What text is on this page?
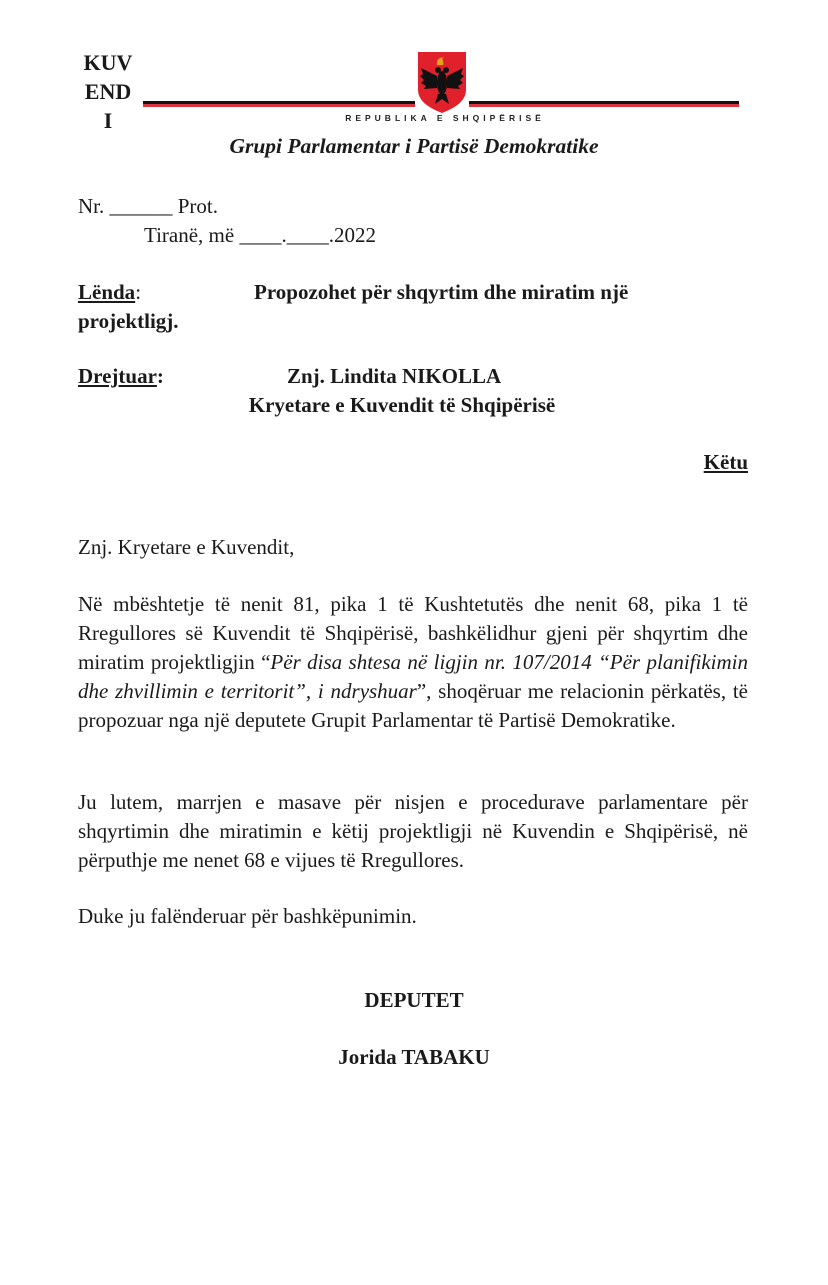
KUV
END
I	REPUBLIKA E SHQIPËRISË
Grupi Parlamentar i Partisë Demokratike
Nr. ______ Prot.
Tiranë, më ____.____.2022
Lënda:	Propozohet për shqyrtim dhe miratim një
projektligj.
Drejtuar:	Znj. Lindita NIKOLLA
Kryetare e Kuvendit të Shqipërisë
Këtu
Znj. Kryetare e Kuvendit,
Në mbështetje të nenit 81, pika 1 të Kushtetutës dhe nenit 68, pika 1 të Rregullores së Kuvendit të Shqipërisë, bashkëlidhur gjeni për shqyrtim dhe miratim projektligjin “Për disa shtesa në ligjin nr. 107/2014 “Për planifikimin dhe zhvillimin e territorit”, i ndryshuar”, shoqëruar me relacionin përkatës, të propozuar nga një deputete Grupit Parlamentar të Partisë Demokratike.
Ju lutem, marrjen e masave për nisjen e procedurave parlamentare për shqyrtimin dhe miratimin e këtij projektligji në Kuvendin e Shqipërisë, në përputhje me nenet 68 e vijues të Rregullores.
Duke ju falënderuar për bashkëpunimin.
DEPUTET
Jorida TABAKU
